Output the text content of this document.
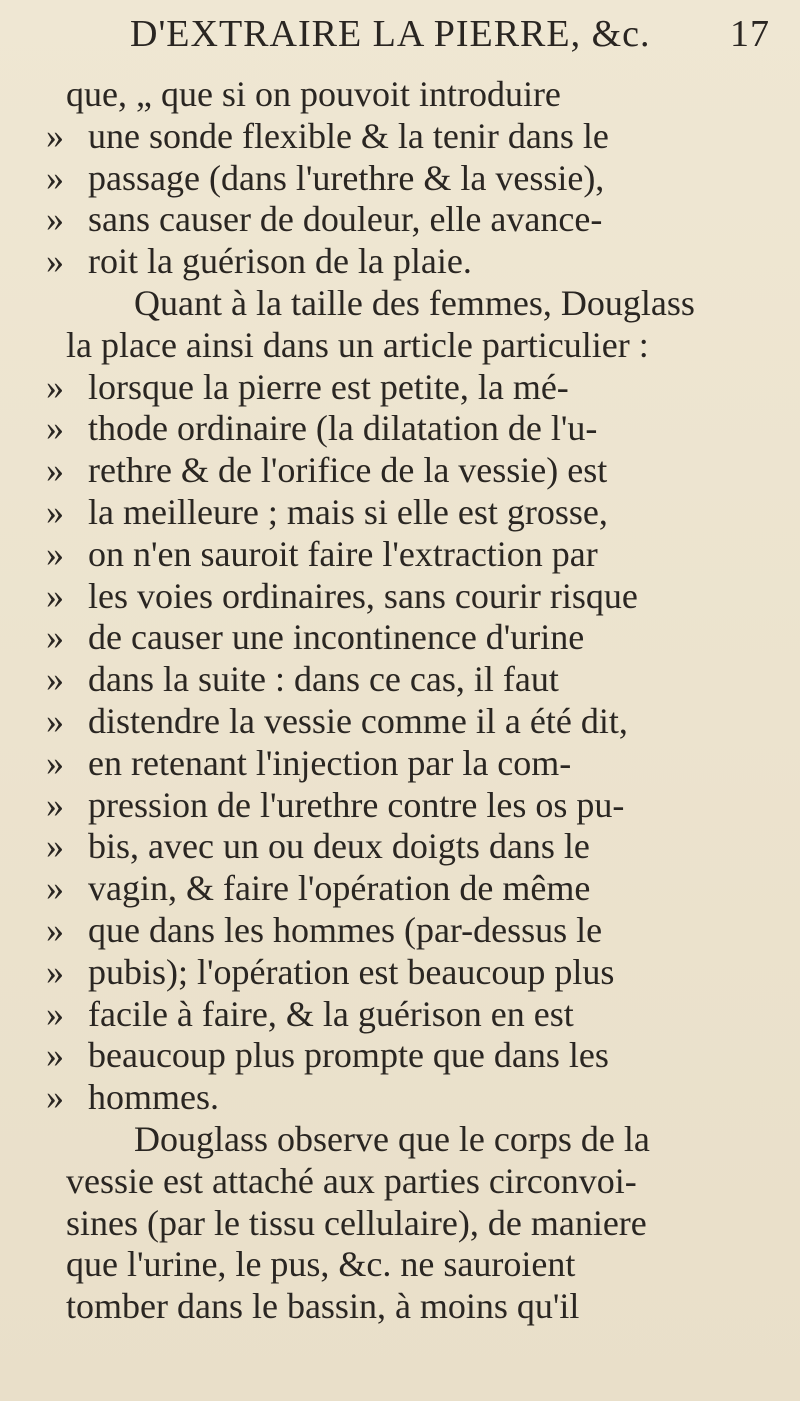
D'EXTRAIRE LA PIERRE, &c. 17
que, „ que si on pouvoit introduire
» une sonde flexible & la tenir dans le
» passage (dans l'urethre & la vessie),
» sans causer de douleur, elle avance-
» roit la guérison de la plaie.
Quant à la taille des femmes, Douglass
la place ainsi dans un article particulier :
» lorsque la pierre est petite, la mé-
» thode ordinaire (la dilatation de l'u-
» rethre & de l'orifice de la vessie) est
» la meilleure ; mais si elle est grosse,
» on n'en sauroit faire l'extraction par
» les voies ordinaires, sans courir risque
» de causer une incontinence d'urine
» dans la suite : dans ce cas, il faut
» distendre la vessie comme il a été dit,
» en retenant l'injection par la com-
» pression de l'urethre contre les os pu-
» bis, avec un ou deux doigts dans le
» vagin, & faire l'opération de même
» que dans les hommes (par-dessus le
» pubis); l'opération est beaucoup plus
» facile à faire, & la guérison en est
» beaucoup plus prompte que dans les
» hommes.
Douglass observe que le corps de la
vessie est attaché aux parties circonvoi-
sines (par le tissu cellulaire), de maniere
que l'urine, le pus, &c. ne sauroient
tomber dans le bassin, à moins qu'il
